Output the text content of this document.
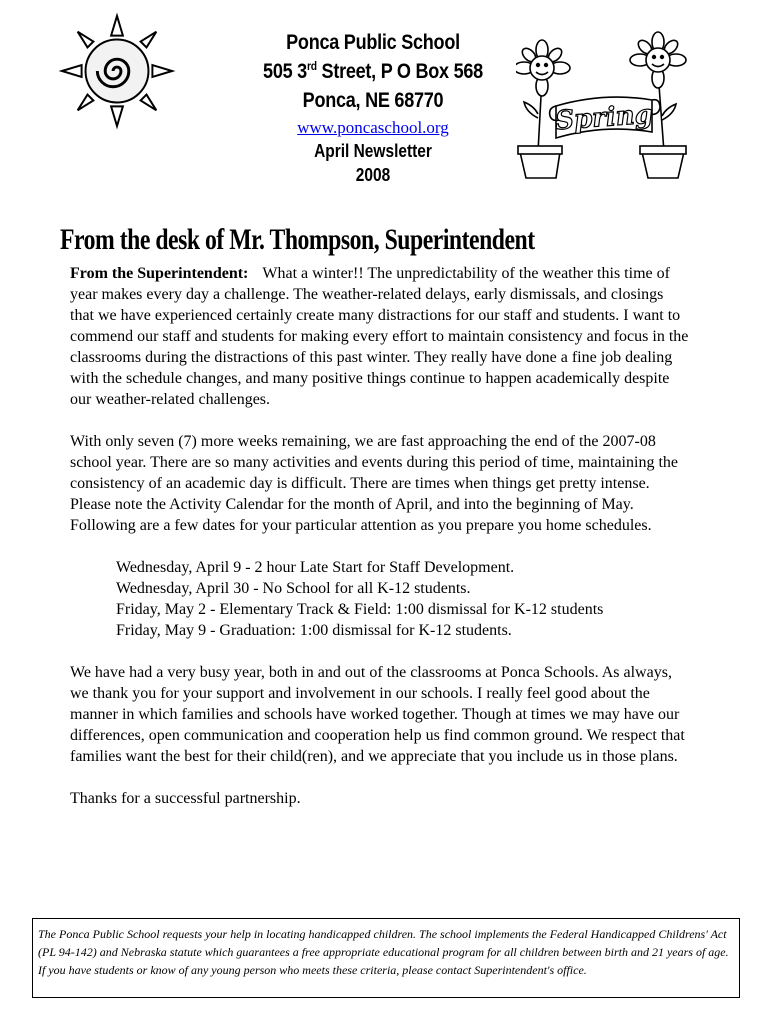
Ponca Public School
505 3rd Street, P O Box 568
Ponca, NE 68770
www.poncaschool.org
April Newsletter
2008
Spring
From the desk of Mr. Thompson, Superintendent

From the Superintendent: What a winter!! The unpredictability of the weather this time of year makes every day a challenge. The weather-related delays, early dismissals, and closings that we have experienced certainly create many distractions for our staff and students. I want to commend our staff and students for making every effort to maintain consistency and focus in the classrooms during the distractions of this past winter. They really have done a fine job dealing with the schedule changes, and many positive things continue to happen academically despite our weather-related challenges.

With only seven (7) more weeks remaining, we are fast approaching the end of the 2007-08 school year. There are so many activities and events during this period of time, maintaining the consistency of an academic day is difficult. There are times when things get pretty intense. Please note the Activity Calendar for the month of April, and into the beginning of May. Following are a few dates for your particular attention as you prepare you home schedules.

Wednesday, April 9 - 2 hour Late Start for Staff Development.
Wednesday, April 30 - No School for all K-12 students.
Friday, May 2 - Elementary Track & Field: 1:00 dismissal for K-12 students
Friday, May 9 - Graduation: 1:00 dismissal for K-12 students.

We have had a very busy year, both in and out of the classrooms at Ponca Schools. As always, we thank you for your support and involvement in our schools. I really feel good about the manner in which families and schools have worked together. Though at times we may have our differences, open communication and cooperation help us find common ground. We respect that families want the best for their child(ren), and we appreciate that you include us in those plans.

Thanks for a successful partnership.

The Ponca Public School requests your help in locating handicapped children. The school implements the Federal Handicapped Childrens' Act (PL 94-142) and Nebraska statute which guarantees a free appropriate educational program for all children between birth and 21 years of age. If you have students or know of any young person who meets these criteria, please contact Superintendent's office.
